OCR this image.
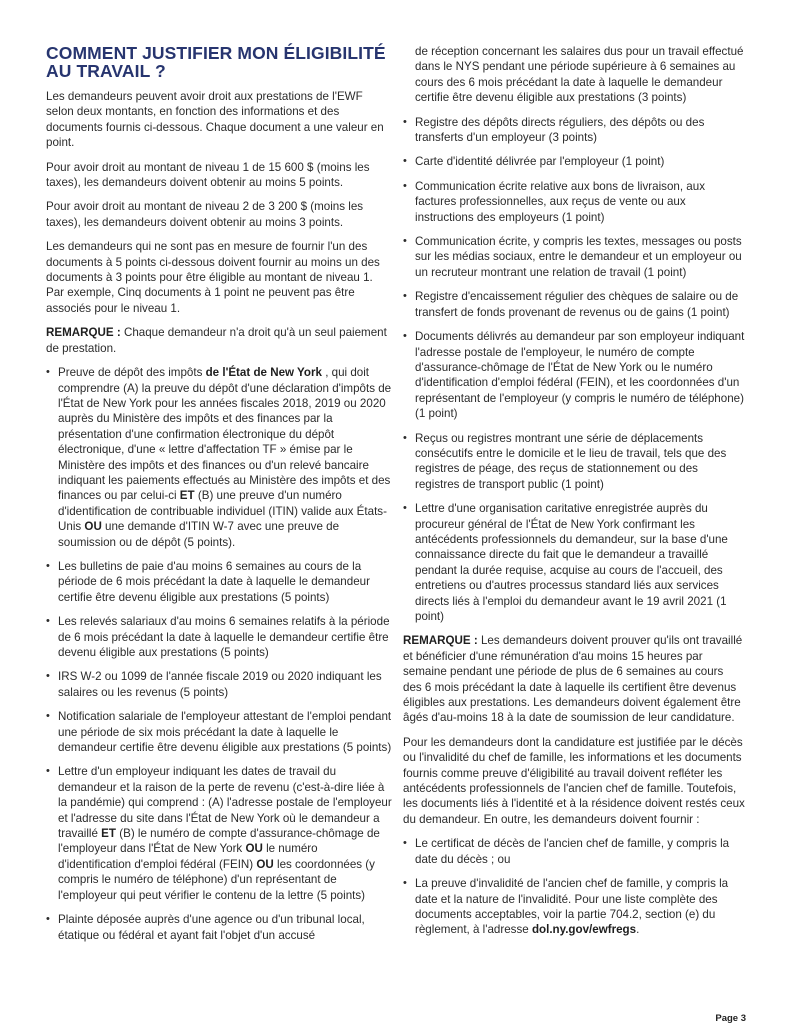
COMMENT JUSTIFIER MON ÉLIGIBILITÉ
AU TRAVAIL ?

Les demandeurs peuvent avoir droit aux prestations de l'EWF selon deux montants, en fonction des informations et des documents fournis ci-dessous. Chaque document a une valeur en point.

Pour avoir droit au montant de niveau 1 de 15 600 $ (moins les taxes), les demandeurs doivent obtenir au moins 5 points.

Pour avoir droit au montant de niveau 2 de 3 200 $ (moins les taxes), les demandeurs doivent obtenir au moins 3 points.

Les demandeurs qui ne sont pas en mesure de fournir l'un des documents à 5 points ci-dessous doivent fournir au moins un des documents à 3 points pour être éligible au montant de niveau 1. Par exemple, Cinq documents à 1 point ne peuvent pas être associés pour le niveau 1.

REMARQUE : Chaque demandeur n'a droit qu'à un seul paiement de prestation.

• Preuve de dépôt des impôts de l'État de New York , qui doit comprendre (A) la preuve du dépôt d'une déclaration d'impôts de l'État de New York pour les années fiscales 2018, 2019 ou 2020 auprès du Ministère des impôts et des finances par la présentation d'une confirmation électronique du dépôt électronique, d'une « lettre d'affectation TF » émise par le Ministère des impôts et des finances ou d'un relevé bancaire indiquant les paiements effectués au Ministère des impôts et des finances ou par celui-ci ET (B) une preuve d'un numéro d'identification de contribuable individuel (ITIN) valide aux États-Unis OU une demande d'ITIN W-7 avec une preuve de soumission ou de dépôt (5 points).
• Les bulletins de paie d'au moins 6 semaines au cours de la période de 6 mois précédant la date à laquelle le demandeur certifie être devenu éligible aux prestations (5 points)
• Les relevés salariaux d'au moins 6 semaines relatifs à la période de 6 mois précédant la date à laquelle le demandeur certifie être devenu éligible aux prestations (5 points)
• IRS W-2 ou 1099 de l'année fiscale 2019 ou 2020 indiquant les salaires ou les revenus (5 points)
• Notification salariale de l'employeur attestant de l'emploi pendant une période de six mois précédant la date à laquelle le demandeur certifie être devenu éligible aux prestations (5 points)
• Lettre d'un employeur indiquant les dates de travail du demandeur et la raison de la perte de revenu (c'est-à-dire liée à la pandémie) qui comprend : (A) l'adresse postale de l'employeur et l'adresse du site dans l'État de New York où le demandeur a travaillé ET (B) le numéro de compte d'assurance-chômage de l'employeur dans l'État de New York OU le numéro d'identification d'emploi fédéral (FEIN) OU les coordonnées (y compris le numéro de téléphone) d'un représentant de l'employeur qui peut vérifier le contenu de la lettre (5 points)
• Plainte déposée auprès d'une agence ou d'un tribunal local, étatique ou fédéral et ayant fait l'objet d'un accusé
de réception concernant les salaires dus pour un travail effectué dans le NYS pendant une période supérieure à 6 semaines au cours des 6 mois précédant la date à laquelle le demandeur certifie être devenu éligible aux prestations (3 points)
• Registre des dépôts directs réguliers, des dépôts ou des transferts d'un employeur (3 points)
• Carte d'identité délivrée par l'employeur (1 point)
• Communication écrite relative aux bons de livraison, aux factures professionnelles, aux reçus de vente ou aux instructions des employeurs (1 point)
• Communication écrite, y compris les textes, messages ou posts sur les médias sociaux, entre le demandeur et un employeur ou un recruteur montrant une relation de travail (1 point)
• Registre d'encaissement régulier des chèques de salaire ou de transfert de fonds provenant de revenus ou de gains (1 point)
• Documents délivrés au demandeur par son employeur indiquant l'adresse postale de l'employeur, le numéro de compte d'assurance-chômage de l'État de New York ou le numéro d'identification d'emploi fédéral (FEIN), et les coordonnées d'un représentant de l'employeur (y compris le numéro de téléphone) (1 point)
• Reçus ou registres montrant une série de déplacements consécutifs entre le domicile et le lieu de travail, tels que des registres de péage, des reçus de stationnement ou des registres de transport public (1 point)
• Lettre d'une organisation caritative enregistrée auprès du procureur général de l'État de New York confirmant les antécédents professionnels du demandeur, sur la base d'une connaissance directe du fait que le demandeur a travaillé pendant la durée requise, acquise au cours de l'accueil, des entretiens ou d'autres processus standard liés aux services directs liés à l'emploi du demandeur avant le 19 avril 2021 (1 point)

REMARQUE : Les demandeurs doivent prouver qu'ils ont travaillé et bénéficier d'une rémunération d'au moins 15 heures par semaine pendant une période de plus de 6 semaines au cours des 6 mois précédant la date à laquelle ils certifient être devenus éligibles aux prestations. Les demandeurs doivent également être âgés d'au-moins 18 à la date de soumission de leur candidature.

Pour les demandeurs dont la candidature est justifiée par le décès ou l'invalidité du chef de famille, les informations et les documents fournis comme preuve d'éligibilité au travail doivent refléter les antécédents professionnels de l'ancien chef de famille. Toutefois, les documents liés à l'identité et à la résidence doivent restés ceux du demandeur. En outre, les demandeurs doivent fournir :

• Le certificat de décès de l'ancien chef de famille, y compris la date du décès ; ou
• La preuve d'invalidité de l'ancien chef de famille, y compris la date et la nature de l'invalidité. Pour une liste complète des documents acceptables, voir la partie 704.2, section (e) du règlement, à l'adresse dol.ny.gov/ewfregs.
Page 3
